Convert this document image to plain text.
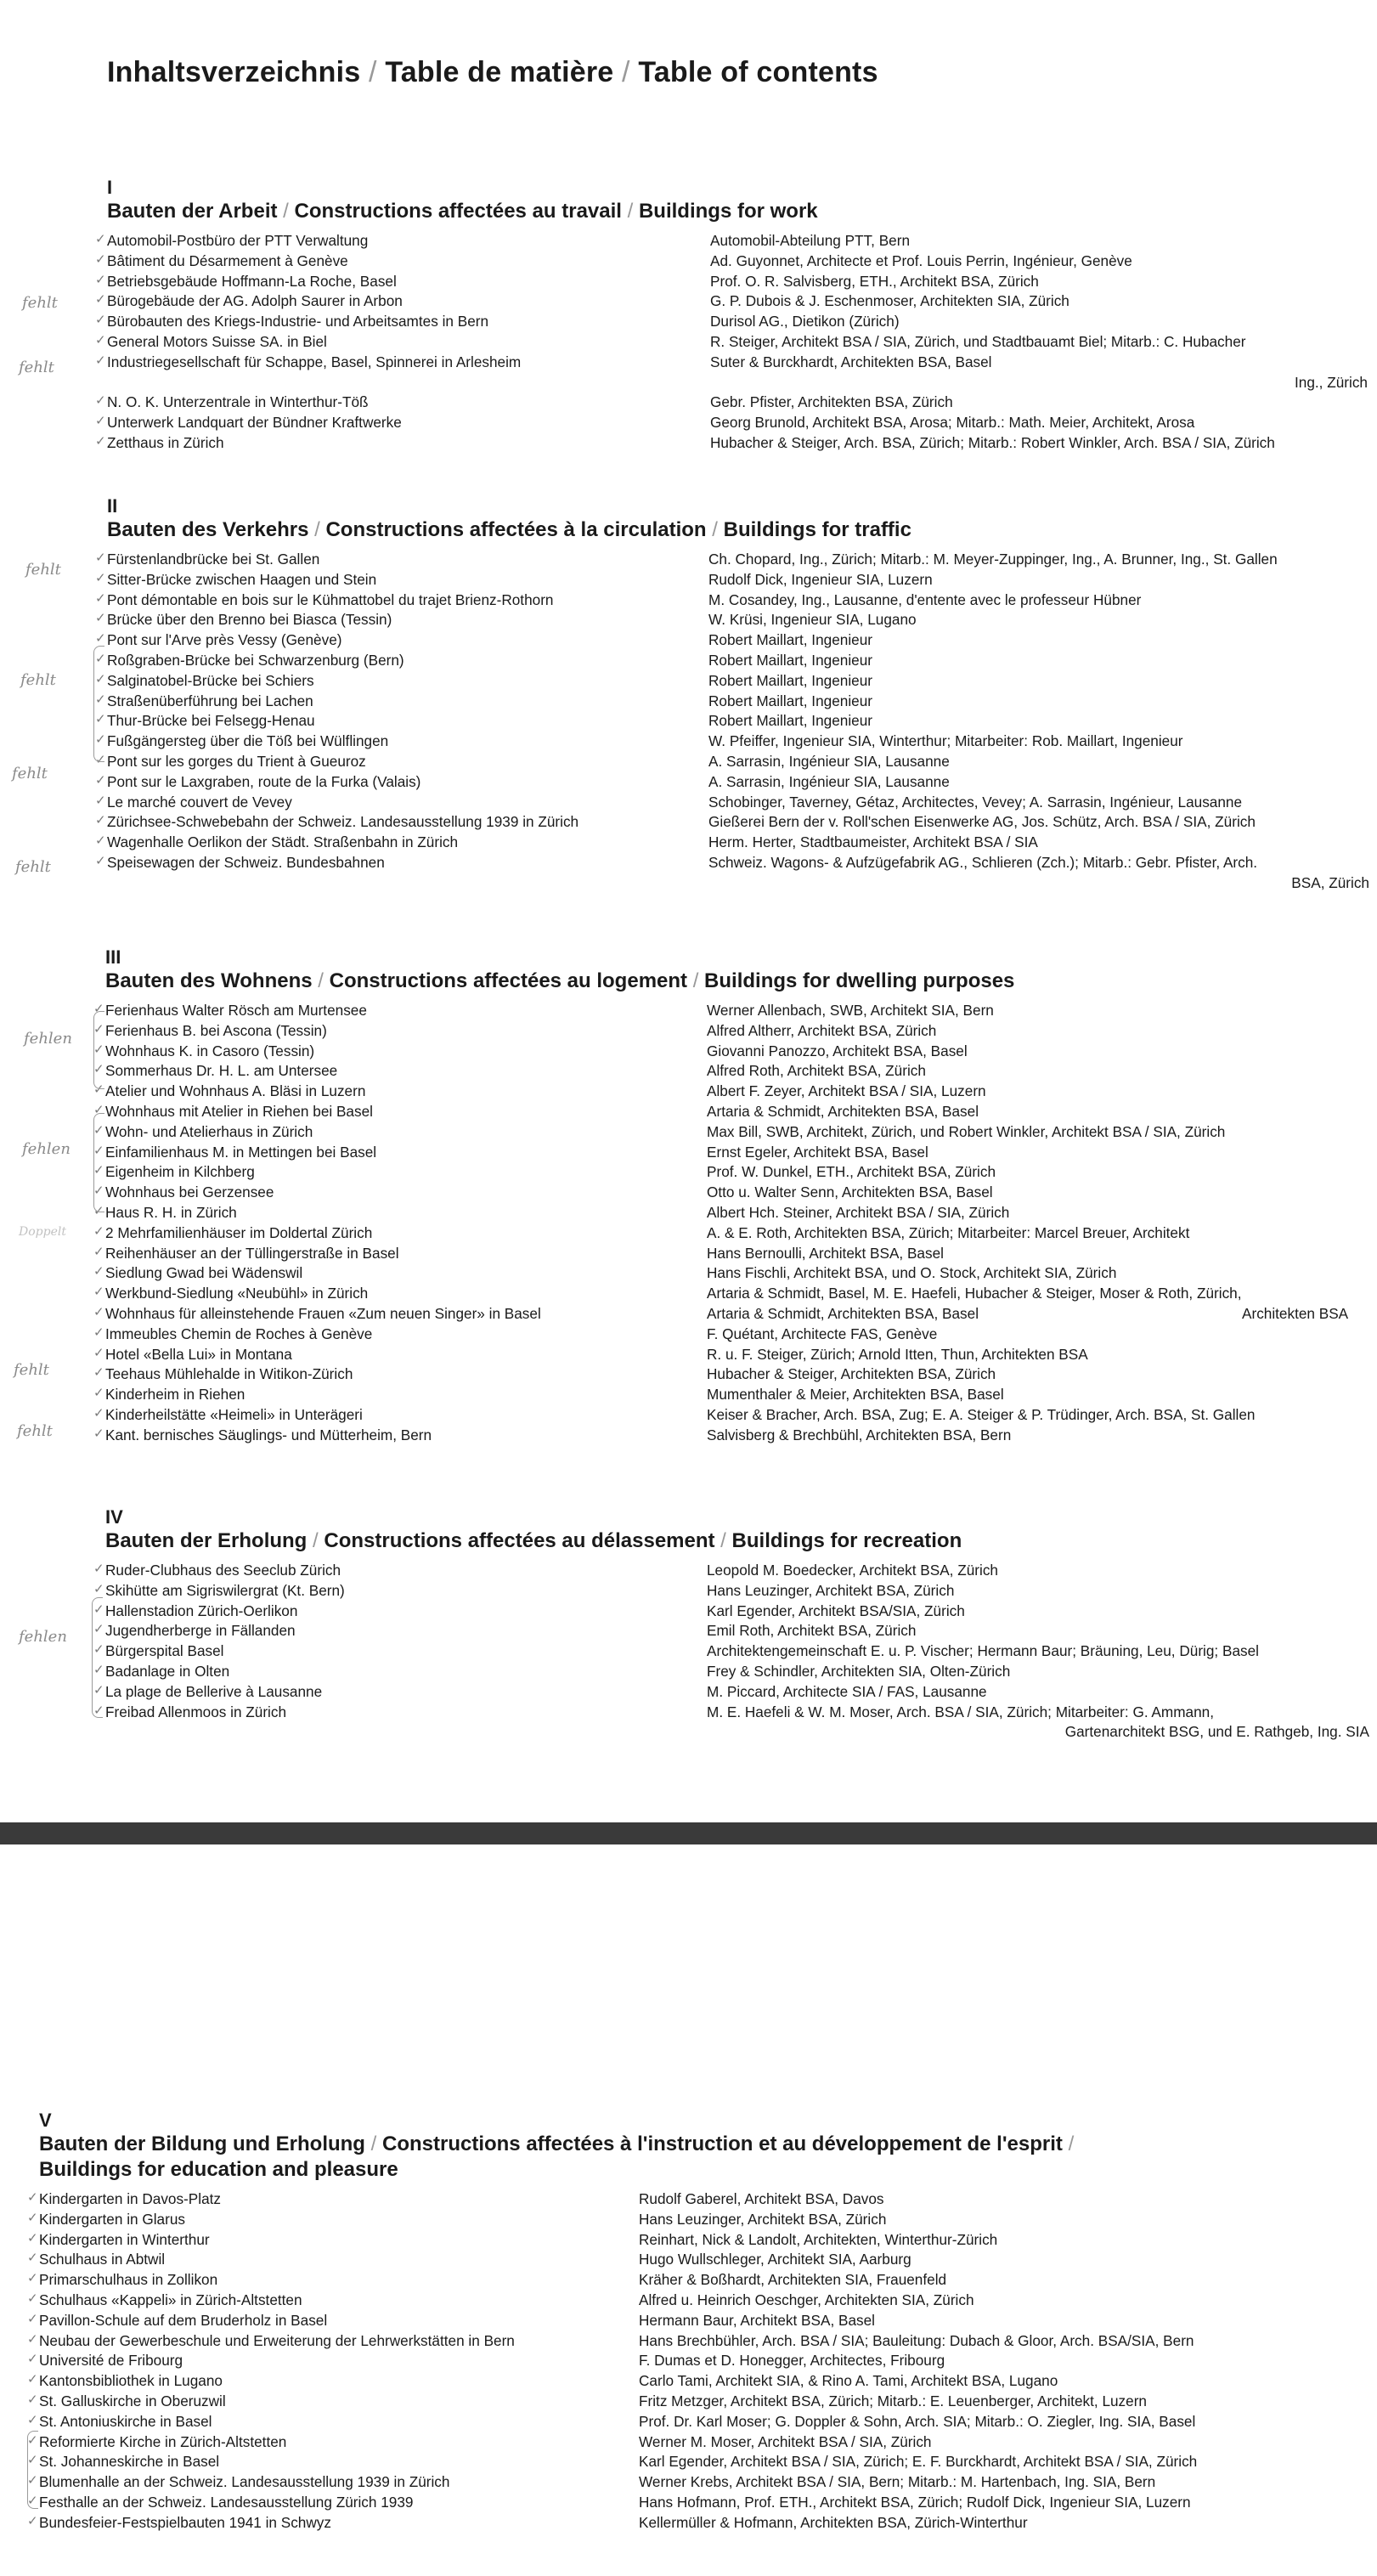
Inhaltsverzeichnis / Table de matière / Table of contents
I
Bauten der Arbeit / Constructions affectées au travail / Buildings for work
✓ Automobil-Postbüro der PTT Verwaltung	Automobil-Abteilung PTT, Bern
✓ Bâtiment du Désarmement à Genève	Ad. Guyonnet, Architecte et Prof. Louis Perrin, Ingénieur, Genève
✓ Betriebsgebäude Hoffmann-La Roche, Basel	Prof. O. R. Salvisberg, ETH., Architekt BSA, Zürich
✓ Bürogebäude der AG. Adolph Saurer in Arbon	G. P. Dubois & J. Eschenmoser, Architekten SIA, Zürich
✓ Bürobauten des Kriegs-Industrie- und Arbeitsamtes in Bern	Durisol AG., Dietikon (Zürich)
✓ General Motors Suisse SA. in Biel	R. Steiger, Architekt BSA / SIA, Zürich, und Stadtbauamt Biel; Mitarb.: C. Hubacher
✓ Industriegesellschaft für Schappe, Basel, Spinnerei in Arlesheim	Suter & Burckhardt, Architekten BSA, Basel
Ing., Zürich
✓ N. O. K. Unterzentrale in Winterthur-Töß	Gebr. Pfister, Architekten BSA, Zürich
✓ Unterwerk Landquart der Bündner Kraftwerke	Georg Brunold, Architekt BSA, Arosa; Mitarb.: Math. Meier, Architekt, Arosa
✓ Zetthaus in Zürich	Hubacher & Steiger, Arch. BSA, Zürich; Mitarb.: Robert Winkler, Arch. BSA / SIA, Zürich
II
Bauten des Verkehrs / Constructions affectées à la circulation / Buildings for traffic
✓ Fürstenlandbrücke bei St. Gallen	Ch. Chopard, Ing., Zürich; Mitarb.: M. Meyer-Zuppinger, Ing., A. Brunner, Ing., St. Gallen
✓ Sitter-Brücke zwischen Haagen und Stein	Rudolf Dick, Ingenieur SIA, Luzern
✓ Pont démontable en bois sur le Kühmattobel du trajet Brienz-Rothorn	M. Cosandey, Ing., Lausanne, d'entente avec le professeur Hübner
✓ Brücke über den Brenno bei Biasca (Tessin)	W. Krüsi, Ingenieur SIA, Lugano
✓ Pont sur l'Arve près Vessy (Genève)	Robert Maillart, Ingenieur
✓ Roßgraben-Brücke bei Schwarzenburg (Bern)	Robert Maillart, Ingenieur
✓ Salginatobel-Brücke bei Schiers	Robert Maillart, Ingenieur
✓ Straßenüberführung bei Lachen	Robert Maillart, Ingenieur
✓ Thur-Brücke bei Felsegg-Henau	Robert Maillart, Ingenieur
✓ Fußgängersteg über die Töß bei Wülflingen	W. Pfeiffer, Ingenieur SIA, Winterthur; Mitarbeiter: Rob. Maillart, Ingenieur
✓ Pont sur les gorges du Trient à Gueuroz	A. Sarrasin, Ingénieur SIA, Lausanne
✓ Pont sur le Laxgraben, route de la Furka (Valais)	A. Sarrasin, Ingénieur SIA, Lausanne
✓ Le marché couvert de Vevey	Schobinger, Taverney, Gétaz, Architectes, Vevey; A. Sarrasin, Ingénieur, Lausanne
✓ Zürichsee-Schwebebahn der Schweiz. Landesausstellung 1939 in Zürich	Gießerei Bern der v. Roll'schen Eisenwerke AG, Jos. Schütz, Arch. BSA / SIA, Zürich
✓ Wagenhalle Oerlikon der Städt. Straßenbahn in Zürich	Herm. Herter, Stadtbaumeister, Architekt BSA / SIA
✓ Speisewagen der Schweiz. Bundesbahnen	Schweiz. Wagons- & Aufzügefabrik AG., Schlieren (Zch.); Mitarb.: Gebr. Pfister, Arch.
BSA, Zürich
III
Bauten des Wohnens / Constructions affectées au logement / Buildings for dwelling purposes
✓ Ferienhaus Walter Rösch am Murtensee	Werner Allenbach, SWB, Architekt SIA, Bern
✓ Ferienhaus B. bei Ascona (Tessin)	Alfred Altherr, Architekt BSA, Zürich
✓ Wohnhaus K. in Casoro (Tessin)	Giovanni Panozzo, Architekt BSA, Basel
✓ Sommerhaus Dr. H. L. am Untersee	Alfred Roth, Architekt BSA, Zürich
✓ Atelier und Wohnhaus A. Bläsi in Luzern	Albert F. Zeyer, Architekt BSA / SIA, Luzern
✓ Wohnhaus mit Atelier in Riehen bei Basel	Artaria & Schmidt, Architekten BSA, Basel
✓ Wohn- und Atelierhaus in Zürich	Max Bill, SWB, Architekt, Zürich, und Robert Winkler, Architekt BSA / SIA, Zürich
✓ Einfamilienhaus M. in Mettingen bei Basel	Ernst Egeler, Architekt BSA, Basel
✓ Eigenheim in Kilchberg	Prof. W. Dunkel, ETH., Architekt BSA, Zürich
✓ Wohnhaus bei Gerzensee	Otto u. Walter Senn, Architekten BSA, Basel
✓ Haus R. H. in Zürich	Albert Hch. Steiner, Architekt BSA / SIA, Zürich
✓ 2 Mehrfamilienhäuser im Doldertal Zürich	A. & E. Roth, Architekten BSA, Zürich; Mitarbeiter: Marcel Breuer, Architekt
✓ Reihenhäuser an der Tüllingerstraße in Basel	Hans Bernoulli, Architekt BSA, Basel
✓ Siedlung Gwad bei Wädenswil	Hans Fischli, Architekt BSA, und O. Stock, Architekt SIA, Zürich
✓ Werkbund-Siedlung «Neubühl» in Zürich	Artaria & Schmidt, Basel, M. E. Haefeli, Hubacher & Steiger, Moser & Roth, Zürich,
✓ Wohnhaus für alleinstehende Frauen «Zum neuen Singer» in Basel	Artaria & Schmidt, Architekten BSA, Basel	Architekten BSA
✓ Immeubles Chemin de Roches à Genève	F. Quétant, Architecte FAS, Genève
✓ Hotel «Bella Lui» in Montana	R. u. F. Steiger, Zürich; Arnold Itten, Thun, Architekten BSA
✓ Teehaus Mühlehalde in Witikon-Zürich	Hubacher & Steiger, Architekten BSA, Zürich
✓ Kinderheim in Riehen	Mumenthaler & Meier, Architekten BSA, Basel
✓ Kinderheilstätte «Heimeli» in Unterägeri	Keiser & Bracher, Arch. BSA, Zug; E. A. Steiger & P. Trüdinger, Arch. BSA, St. Gallen
✓ Kant. bernisches Säuglings- und Mütterheim, Bern	Salvisberg & Brechbühl, Architekten BSA, Bern
IV
Bauten der Erholung / Constructions affectées au délassement / Buildings for recreation
✓ Ruder-Clubhaus des Seeclub Zürich	Leopold M. Boedecker, Architekt BSA, Zürich
✓ Skihütte am Sigriswilergrat (Kt. Bern)	Hans Leuzinger, Architekt BSA, Zürich
✓ Hallenstadion Zürich-Oerlikon	Karl Egender, Architekt BSA/SIA, Zürich
✓ Jugendherberge in Fällanden	Emil Roth, Architekt BSA, Zürich
✓ Bürgerspital Basel	Architektengemeinschaft E. u. P. Vischer; Hermann Baur; Bräuning, Leu, Dürig; Basel
✓ Badanlage in Olten	Frey & Schindler, Architekten SIA, Olten-Zürich
✓ La plage de Bellerive à Lausanne	M. Piccard, Architecte SIA / FAS, Lausanne
✓ Freibad Allenmoos in Zürich	M. E. Haefeli & W. M. Moser, Arch. BSA / SIA, Zürich; Mitarbeiter: G. Ammann,
Gartenarchitekt BSG, und E. Rathgeb, Ing. SIA
fehlt
fehlt
fehlt
fehlt
fehlt
fehlt
fehlen
fehlen
Doppelt
fehlt
fehlt
fehlen
V
Bauten der Bildung und Erholung / Constructions affectées à l'instruction et au développement de l'esprit /
Buildings for education and pleasure
✓ Kindergarten in Davos-Platz	Rudolf Gaberel, Architekt BSA, Davos
✓ Kindergarten in Glarus	Hans Leuzinger, Architekt BSA, Zürich
✓ Kindergarten in Winterthur	Reinhart, Nick & Landolt, Architekten, Winterthur-Zürich
✓ Schulhaus in Abtwil	Hugo Wullschleger, Architekt SIA, Aarburg
✓ Primarschulhaus in Zollikon	Kräher & Boßhardt, Architekten SIA, Frauenfeld
✓ Schulhaus «Kappeli» in Zürich-Altstetten	Alfred u. Heinrich Oeschger, Architekten SIA, Zürich
✓ Pavillon-Schule auf dem Bruderholz in Basel	Hermann Baur, Architekt BSA, Basel
✓ Neubau der Gewerbeschule und Erweiterung der Lehrwerkstätten in Bern	Hans Brechbühler, Arch. BSA / SIA; Bauleitung: Dubach & Gloor, Arch. BSA/SIA, Bern
✓ Université de Fribourg	F. Dumas et D. Honegger, Architectes, Fribourg
✓ Kantonsbibliothek in Lugano	Carlo Tami, Architekt SIA, & Rino A. Tami, Architekt BSA, Lugano
✓ St. Galluskirche in Oberuzwil	Fritz Metzger, Architekt BSA, Zürich; Mitarb.: E. Leuenberger, Architekt, Luzern
✓ St. Antoniuskirche in Basel	Prof. Dr. Karl Moser; G. Doppler & Sohn, Arch. SIA; Mitarb.: O. Ziegler, Ing. SIA, Basel
✓ Reformierte Kirche in Zürich-Altstetten	Werner M. Moser, Architekt BSA / SIA, Zürich
✓ St. Johanneskirche in Basel	Karl Egender, Architekt BSA / SIA, Zürich; E. F. Burckhardt, Architekt BSA / SIA, Zürich
✓ Blumenhalle an der Schweiz. Landesausstellung 1939 in Zürich	Werner Krebs, Architekt BSA / SIA, Bern; Mitarb.: M. Hartenbach, Ing. SIA, Bern
✓ Festhalle an der Schweiz. Landesausstellung Zürich 1939	Hans Hofmann, Prof. ETH., Architekt BSA, Zürich; Rudolf Dick, Ingenieur SIA, Luzern
✓ Bundesfeier-Festspielbauten 1941 in Schwyz	Kellermüller & Hofmann, Architekten BSA, Zürich-Winterthur
